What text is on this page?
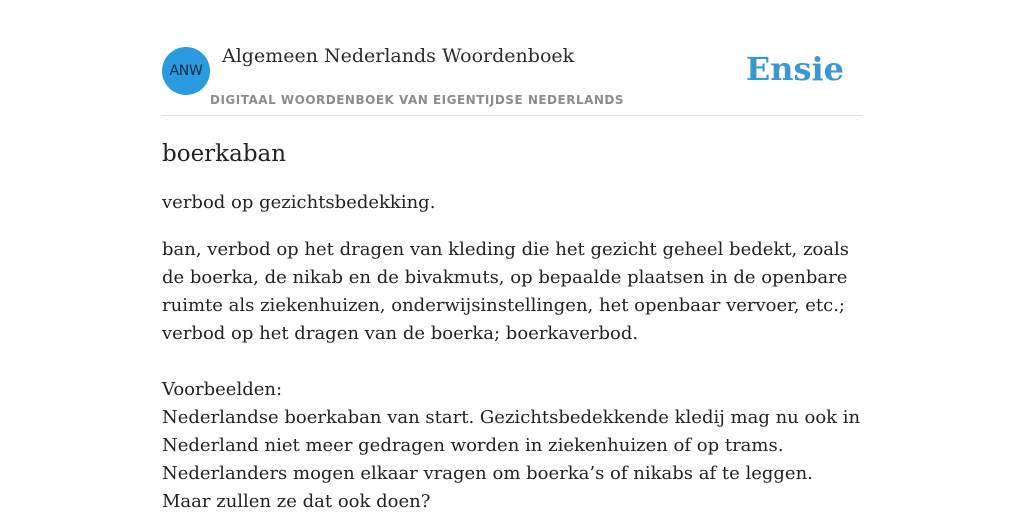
ANW
Algemeen Nederlands Woordenboek
DIGITAAL WOORDENBOEK VAN EIGENTIJDSE NEDERLANDS
Ensie
boerkaban

verbod op gezichtsbedekking.

ban, verbod op het dragen van kleding die het gezicht geheel bedekt, zoals de boerka, de nikab en de bivakmuts, op bepaalde plaatsen in de openbare ruimte als ziekenhuizen, onderwijsinstellingen, het openbaar vervoer, etc.; verbod op het dragen van de boerka; boerkaverbod.

Voorbeelden:

Nederlandse boerkaban van start. Gezichtsbedekkende kledij mag nu ook in Nederland niet meer gedragen worden in ziekenhuizen of op trams. Nederlanders mogen elkaar vragen om boerka’s of nikabs af te leggen. Maar zullen ze dat ook doen?
